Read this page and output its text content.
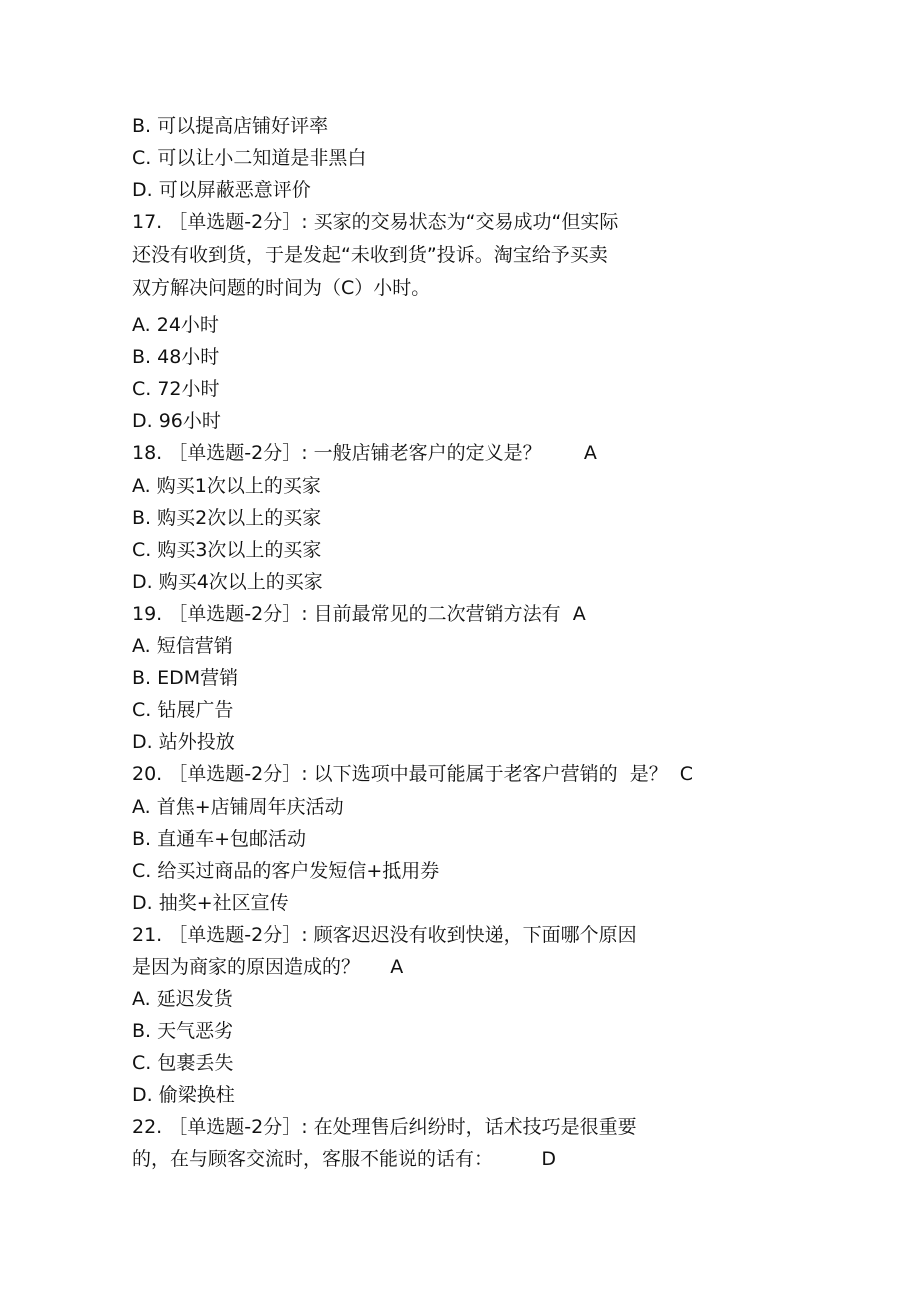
B. 可以提高店铺好评率
C. 可以让小二知道是非黑白
D. 可以屏蔽恶意评价
17. ［单选题-2分］: 买家的交易状态为“交易成功“但实际
还没有收到货，于是发起“未收到货”投诉。淘宝给予买卖
双方解决问题的时间为（C）小时。
A. 24小时
B. 48小时
C. 72小时
D. 96小时
18. ［单选题-2分］: 一般店铺老客户的定义是？       A
A. 购买1次以上的买家
B. 购买2次以上的买家
C. 购买3次以上的买家
D. 购买4次以上的买家
19. ［单选题-2分］: 目前最常见的二次营销方法有  A
A. 短信营销
B. EDM营销
C. 钻展广告
D. 站外投放
20. ［单选题-2分］: 以下选项中最可能属于老客户营销的  是？  C
A. 首焦+店铺周年庆活动
B. 直通车+包邮活动
C. 给买过商品的客户发短信+抵用券
D. 抽奖+社区宣传
21. ［单选题-2分］: 顾客迟迟没有收到快递，下面哪个原因
是因为商家的原因造成的？     A
A. 延迟发货
B. 天气恶劣
C. 包裹丢失
D. 偷梁换柱
22. ［单选题-2分］: 在处理售后纠纷时，话术技巧是很重要
的，在与顾客交流时，客服不能说的话有：        D
